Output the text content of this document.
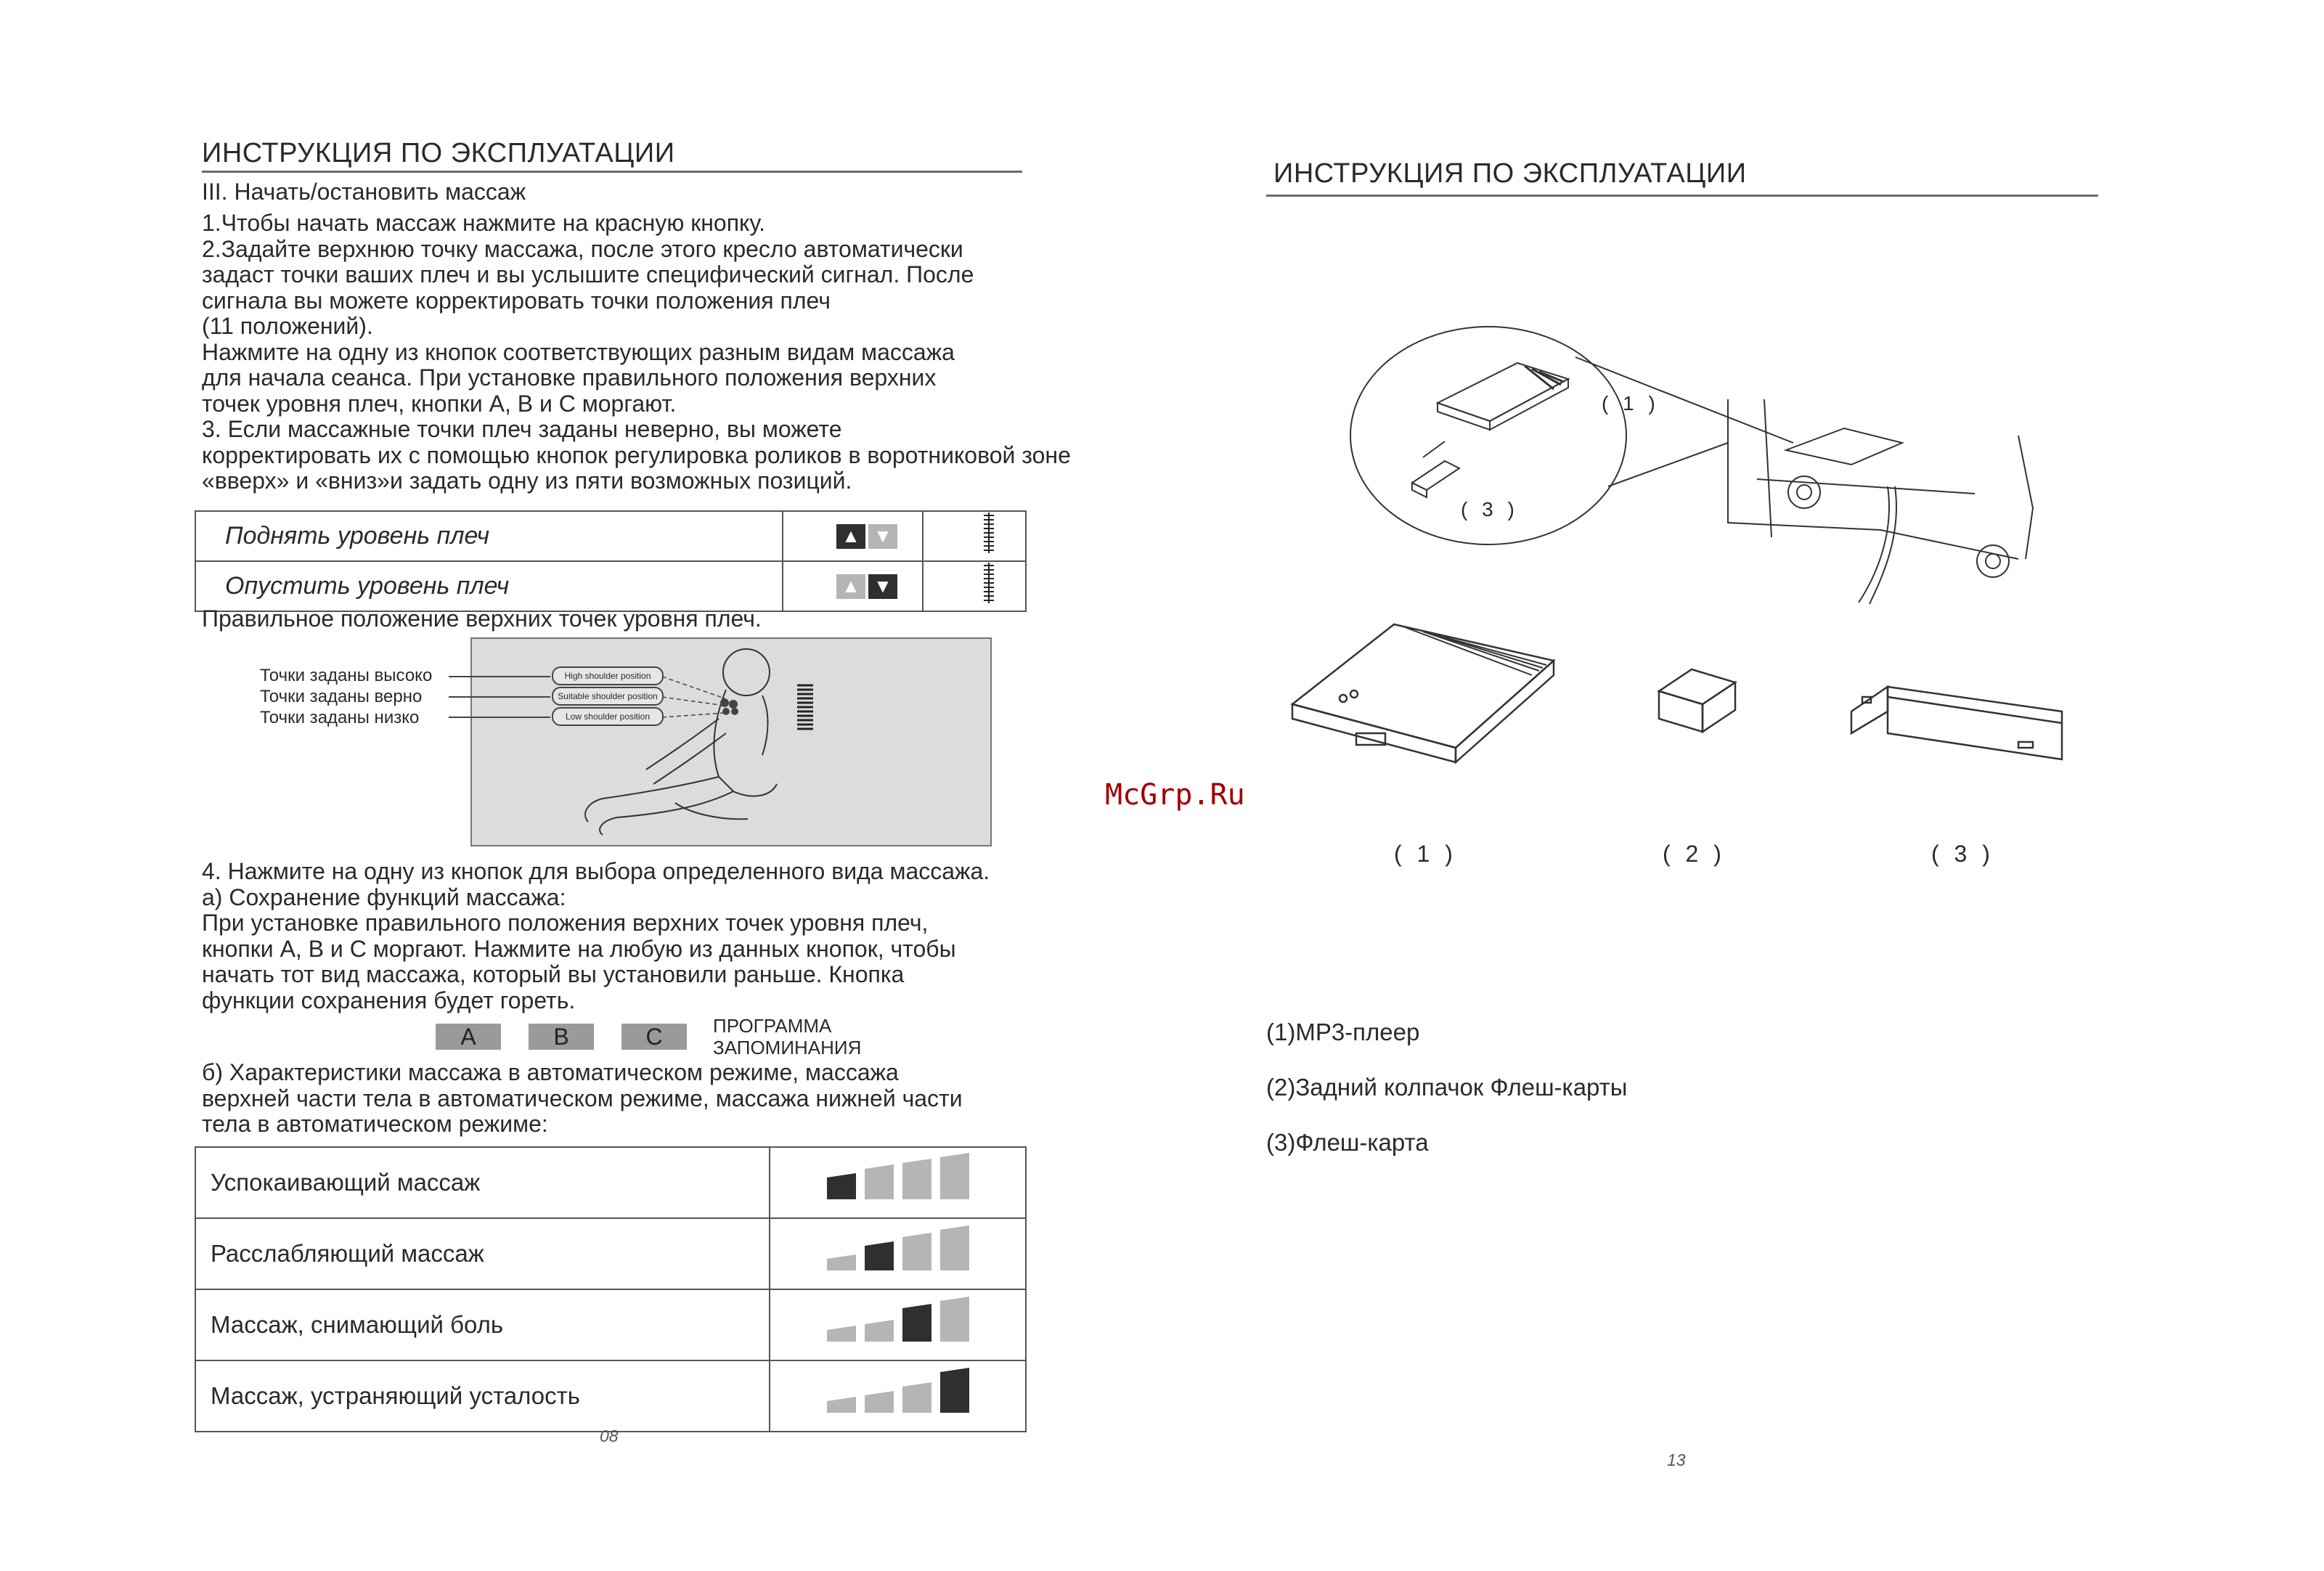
ИНСТРУКЦИЯ ПО ЭКСПЛУАТАЦИИ
III. Начать/остановить массаж
1.Чтобы начать массаж нажмите на красную кнопку.
2.Задайте верхнюю точку массажа, после этого кресло автоматически
задаст точки ваших плеч и вы услышите специфический сигнал. После
сигнала вы можете корректировать точки положения плеч
(11 положений).
Нажмите на одну из кнопок соответствующих разным видам массажа
для начала сеанса. При установке правильного положения верхних
точек уровня плеч, кнопки А, В и С моргают.
3. Если массажные точки плеч заданы неверно, вы можете
корректировать их с помощью кнопок регулировка роликов в воротниковой зоне
«вверх» и «вниз»и задать одну из пяти возможных позиций.
Поднять уровень плеч	▲ ▼

Опустить уровень плеч	▲ ▼

Правильное положение верхних точек уровня плеч.
Точки заданы высоко
Точки заданы верно
Точки заданы низко
High shoulder position
Suitable shoulder position
Low shoulder position
4. Нажмите на одну из кнопок для выбора определенного вида массажа.
а) Сохранение функций массажа:
При установке правильного положения верхних точек уровня плеч,
кнопки А, В и С моргают. Нажмите на любую из данных кнопок, чтобы
начать тот вид массажа, который вы установили раньше. Кнопка
функции сохранения будет гореть.
A	B	C	ПРОГРАММА
ЗАПОМИНАНИЯ
б) Характеристики массажа в автоматическом режиме, массажа
верхней части тела в автоматическом режиме, массажа нижней части
тела в автоматическом режиме:
Успокаивающий массаж	
Расслабляющий массаж	
Массаж, снимающий боль	
Массаж, устраняющий усталость	
08
McGrp.Ru
ИНСТРУКЦИЯ ПО ЭКСПЛУАТАЦИИ
( 1 )
( 3 )
( 1 )	( 2 )	( 3 )
(1)МР3-плеер
(2)Задний колпачок Флеш-карты
(3)Флеш-карта
13
